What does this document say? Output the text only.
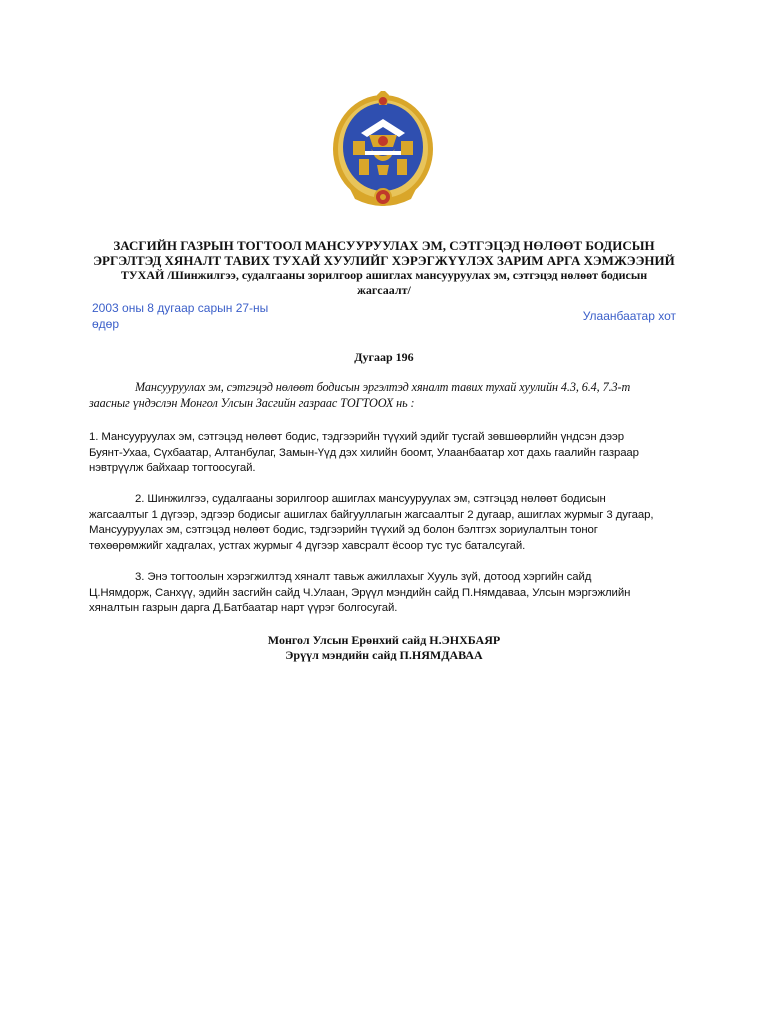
ЗАСГИЙН ГАЗРЫН ТОГТООЛ МАНСУУРУУЛАХ ЭМ, СЭТГЭЦЭД НӨЛӨӨТ БОДИСЫН
ЭРГЭЛТЭД ХЯНАЛТ ТАВИХ ТУХАЙ ХУУЛИЙГ ХЭРЭГЖҮҮЛЭХ ЗАРИМ АРГА ХЭМЖЭЭНИЙ
ТУХАЙ /Шинжилгээ, судалгааны зорилгоор ашиглах мансууруулах эм, сэтгэцэд нөлөөт бодисын
жагсаалт/
2003 оны 8 дугаар сарын 27-ны
өдөр
Улаанбаатар хот
Дугаар 196
Мансууруулах эм, сэтгэцэд нөлөөт бодисын эргэлтэд хяналт тавих тухай хуулийн 4.3, 6.4, 7.3-т
заасныг үндэслэн Монгол Улсын Засгийн газраас ТОГТООХ нь :
1. Мансууруулах эм, сэтгэцэд нөлөөт бодис, тэдгээрийн түүхий эдийг тусгай зөвшөөрлийн үндсэн дээр
Буянт-Ухаа, Сүхбаатар, Алтанбулаг, Замын-Үүд дэх хилийн боомт, Улаанбаатар хот дахь гаалийн газраар
нэвтрүүлж байхаар тогтоосугай.
2. Шинжилгээ, судалгааны зорилгоор ашиглах мансууруулах эм, сэтгэцэд нөлөөт бодисын
жагсаалтыг 1 дүгээр, эдгээр бодисыг ашиглах байгууллагын жагсаалтыг 2 дугаар, ашиглах журмыг 3 дугаар,
Мансууруулах эм, сэтгэцэд нөлөөт бодис, тэдгээрийн түүхий эд болон бэлтгэх зориулалтын тоног
төхөөрөмжийг хадгалах, устгах журмыг 4 дүгээр хавсралт ёсоор тус тус баталсугай.
3. Энэ тогтоолын хэрэгжилтэд хяналт тавьж ажиллахыг Хууль зүй, дотоод хэргийн сайд
Ц.Нямдорж, Санхүү, эдийн засгийн сайд Ч.Улаан, Эрүүл мэндийн сайд П.Нямдаваа, Улсын мэргэжлийн
хяналтын газрын дарга Д.Батбаатар нарт үүрэг болгосугай.
Монгол Улсын Ерөнхий сайд Н.ЭНХБАЯР
Эрүүл мэндийн сайд П.НЯМДАВАА
